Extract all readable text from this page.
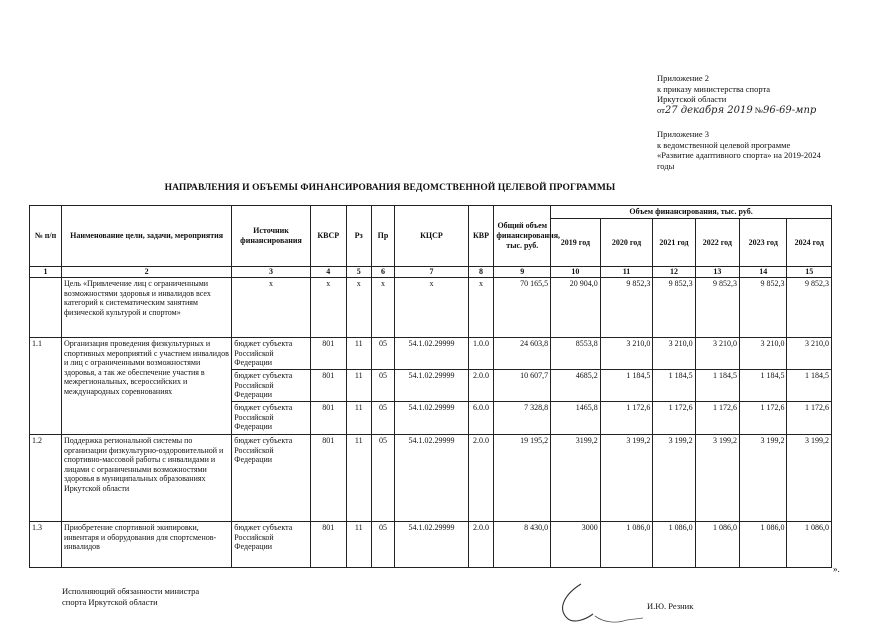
Приложение 2
к приказу министерства спорта
Иркутской области
от27 декабря 2019 №96-69-мпр
Приложение 3
к ведомственной целевой программе
«Развитие адаптивного спорта» на 2019-2024
годы
НАПРАВЛЕНИЯ И ОБЪЕМЫ ФИНАНСИРОВАНИЯ ВЕДОМСТВЕННОЙ ЦЕЛЕВОЙ ПРОГРАММЫ
№ п/п	Наименование цели, задачи, мероприятия	Источник финансирования	КВСР	Рз	Пр	КЦСР	КВР	Общий объем финансирования, тыс. руб.	Объем финансирования, тыс. руб.					
									2019 год	2020 год	2021 год	2022 год	2023 год	2024 год
1	2	3	4	5	6	7	8	9	10	11	12	13	14	15
	Цель «Привлечение лиц с ограниченными возможностями здоровья и инвалидов всех категорий к систематическим занятиям физической культурой и спортом»	х	х	х	х	х	х	70 165,5	20 904,0	9 852,3	9 852,3	9 852,3	9 852,3	9 852,3
1.1	Организация проведения физкультурных и спортивных мероприятий с участием инвалидов и лиц с ограниченными возможностями здоровья, а так же обеспечение участия в межрегиональных, всероссийских и международных соревнованиях	бюджет субъекта Российской Федерации	801	11	05	54.1.02.29999	1.0.0	24 603,8	8553,8	3 210,0	3 210,0	3 210,0	3 210,0	3 210,0
		бюджет субъекта Российской Федерации	801	11	05	54.1.02.29999	2.0.0	10 607,7	4685,2	1 184,5	1 184,5	1 184,5	1 184,5	1 184,5
		бюджет субъекта Российской Федерации	801	11	05	54.1.02.29999	6.0.0	7 328,8	1465,8	1 172,6	1 172,6	1 172,6	1 172,6	1 172,6
1.2	Поддержка региональной системы по организации физкультурно-оздоровительной и спортивно-массовой работы с инвалидами и лицами с ограниченными возможностями здоровья в муниципальных образованиях Иркутской области	бюджет субъекта Российской Федерации	801	11	05	54.1.02.29999	2.0.0	19 195,2	3199,2	3 199,2	3 199,2	3 199,2	3 199,2	3 199,2
1.3	Приобретение спортивной экипировки, инвентаря и оборудования для спортсменов-инвалидов	бюджет субъекта Российской Федерации	801	11	05	54.1.02.29999	2.0.0	8 430,0	3000	1 086,0	1 086,0	1 086,0	1 086,0	1 086,0
».
Исполняющий обязанности министра
спорта Иркутской области	И.Ю. Резник
